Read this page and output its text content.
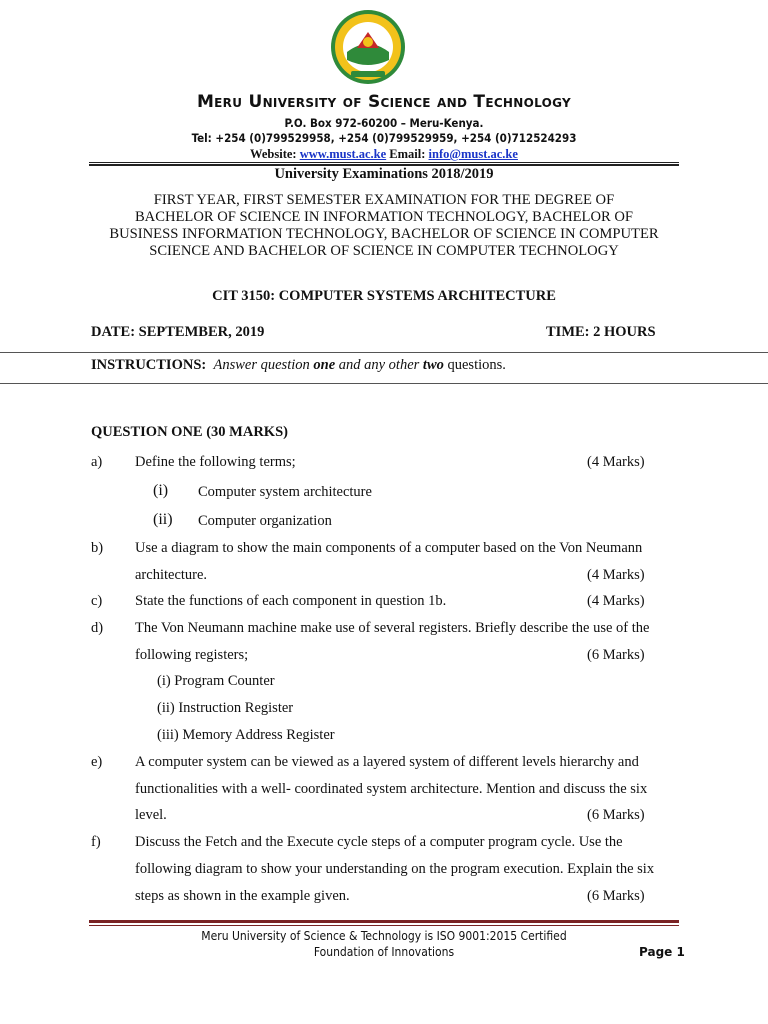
Meru University of Science and Technology
P.O. Box 972-60200 – Meru-Kenya.
Tel: +254 (0)799529958, +254 (0)799529959, +254 (0)712524293
Website: www.must.ac.ke Email: info@must.ac.ke
University Examinations 2018/2019
FIRST YEAR, FIRST SEMESTER EXAMINATION FOR THE DEGREE OF
BACHELOR OF SCIENCE IN INFORMATION TECHNOLOGY, BACHELOR OF
BUSINESS INFORMATION TECHNOLOGY, BACHELOR OF SCIENCE IN COMPUTER
SCIENCE AND BACHELOR OF SCIENCE IN COMPUTER TECHNOLOGY
CIT 3150: COMPUTER SYSTEMS ARCHITECTURE
DATE: SEPTEMBER, 2019	TIME: 2 HOURS
INSTRUCTIONS: Answer question one and any other two questions.
QUESTION ONE (30 MARKS)
a) Define the following terms;	(4 Marks)
(i) Computer system architecture
(ii) Computer organization
b) Use a diagram to show the main components of a computer based on the Von Neumann
architecture.	(4 Marks)
c) State the functions of each component in question 1b.	(4 Marks)
d) The Von Neumann machine make use of several registers. Briefly describe the use of the
following registers;	(6 Marks)
(i) Program Counter
(ii) Instruction Register
(iii) Memory Address Register
e) A computer system can be viewed as a layered system of different levels hierarchy and
functionalities with a well- coordinated system architecture. Mention and discuss the six
level.	(6 Marks)
f) Discuss the Fetch and the Execute cycle steps of a computer program cycle. Use the
following diagram to show your understanding on the program execution. Explain the six
steps as shown in the example given.	(6 Marks)
Meru University of Science & Technology is ISO 9001:2015 Certified
Foundation of Innovations	Page 1
